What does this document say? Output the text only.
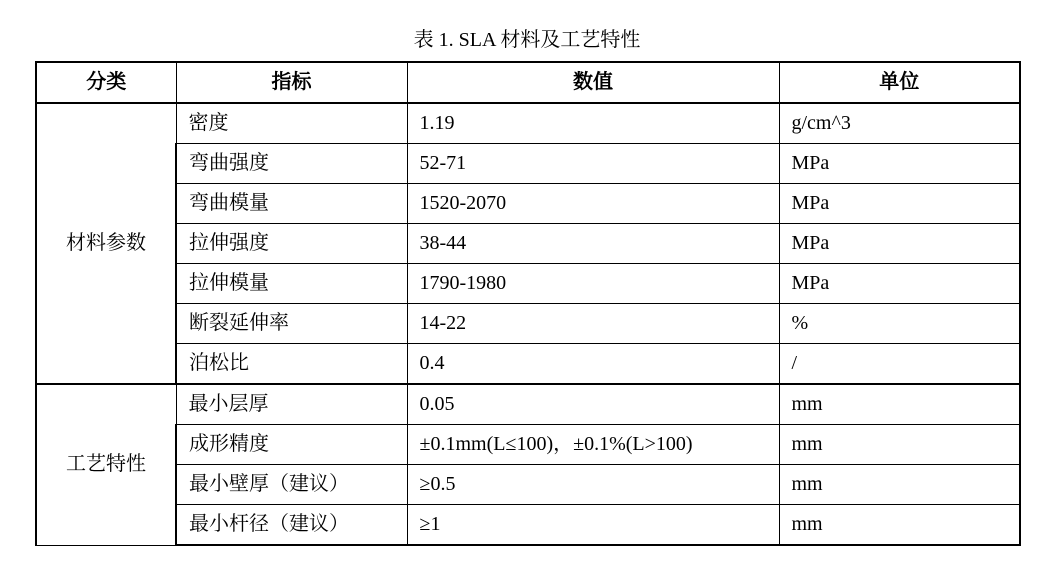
表 1. SLA 材料及工艺特性
分类	指标	数值	单位
材料参数	密度	1.19	g/cm^3
	弯曲强度	52-71	MPa
	弯曲模量	1520-2070	MPa
	拉伸强度	38-44	MPa
	拉伸模量	1790-1980	MPa
	断裂延伸率	14-22	%
	泊松比	0.4	/
工艺特性	最小层厚	0.05	mm
	成形精度	±0.1mm(L≤100)，±0.1%(L>100)	mm
	最小壁厚（建议）	≥0.5	mm
	最小杆径（建议）	≥1	mm
